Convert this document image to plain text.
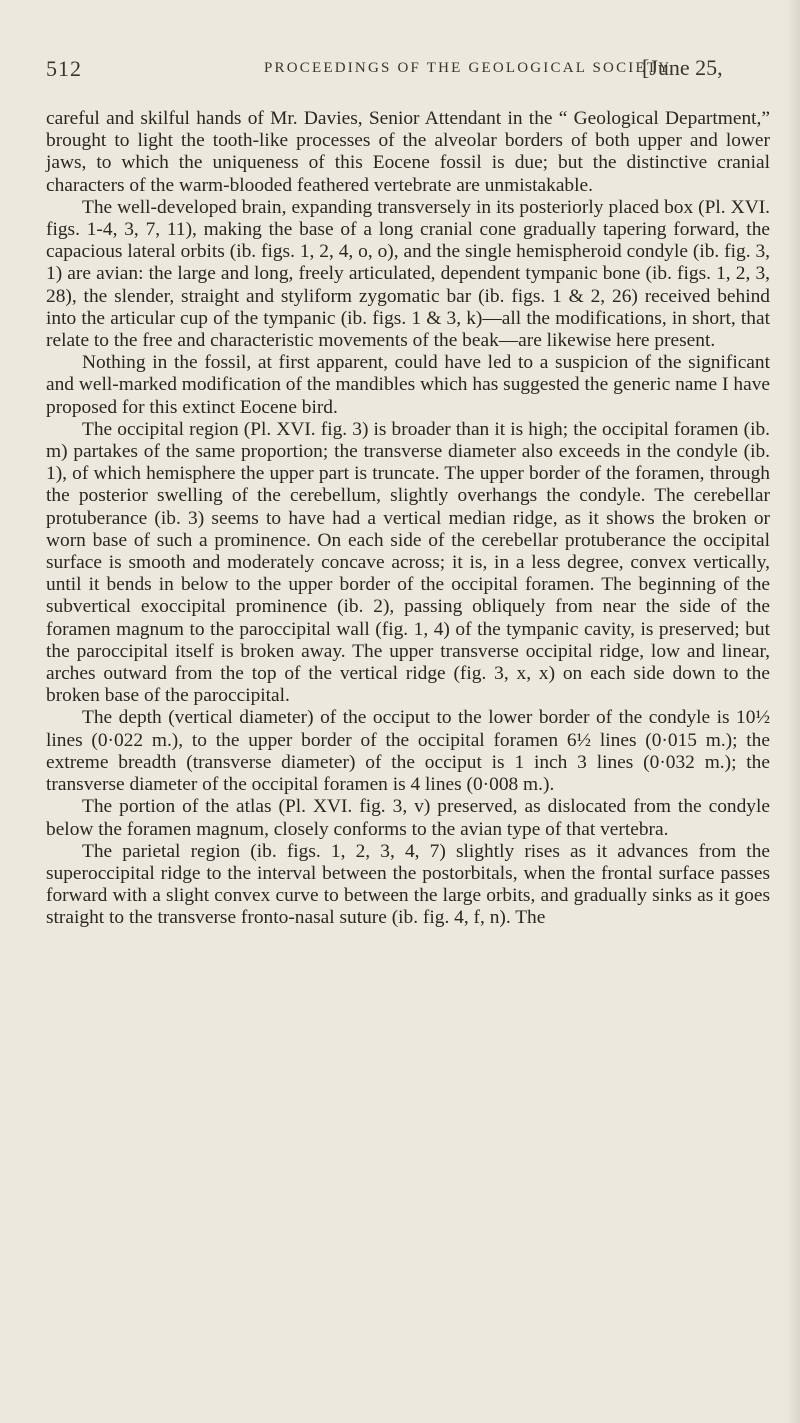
512	PROCEEDINGS OF THE GEOLOGICAL SOCIETY.
[June 25,

careful and skilful hands of Mr. Davies, Senior Attendant in the “ Geological Department,” brought to light the tooth-like processes of the alveolar borders of both upper and lower jaws, to which the uniqueness of this Eocene fossil is due; but the distinctive cranial characters of the warm-blooded feathered vertebrate are unmistakable.

The well-developed brain, expanding transversely in its posteriorly placed box (Pl. XVI. figs. 1-4, 3, 7, 11), making the base of a long cranial cone gradually tapering forward, the capacious lateral orbits (ib. figs. 1, 2, 4, o, o), and the single hemispheroid condyle (ib. fig. 3, 1) are avian: the large and long, freely articulated, dependent tympanic bone (ib. figs. 1, 2, 3, 28), the slender, straight and styliform zygomatic bar (ib. figs. 1 & 2, 26) received behind into the articular cup of the tympanic (ib. figs. 1 & 3, k)—all the modifications, in short, that relate to the free and characteristic movements of the beak—are likewise here present.

Nothing in the fossil, at first apparent, could have led to a suspicion of the significant and well-marked modification of the mandibles which has suggested the generic name I have proposed for this extinct Eocene bird.

The occipital region (Pl. XVI. fig. 3) is broader than it is high; the occipital foramen (ib. m) partakes of the same proportion; the transverse diameter also exceeds in the condyle (ib. 1), of which hemisphere the upper part is truncate. The upper border of the foramen, through the posterior swelling of the cerebellum, slightly overhangs the condyle. The cerebellar protuberance (ib. 3) seems to have had a vertical median ridge, as it shows the broken or worn base of such a prominence. On each side of the cerebellar protuberance the occipital surface is smooth and moderately concave across; it is, in a less degree, convex vertically, until it bends in below to the upper border of the occipital foramen. The beginning of the subvertical exoccipital prominence (ib. 2), passing obliquely from near the side of the foramen magnum to the paroccipital wall (fig. 1, 4) of the tympanic cavity, is preserved; but the paroccipital itself is broken away. The upper transverse occipital ridge, low and linear, arches outward from the top of the vertical ridge (fig. 3, x, x) on each side down to the broken base of the paroccipital.

The depth (vertical diameter) of the occiput to the lower border of the condyle is 10½ lines (0·022 m.), to the upper border of the occipital foramen 6½ lines (0·015 m.); the extreme breadth (transverse diameter) of the occiput is 1 inch 3 lines (0·032 m.); the transverse diameter of the occipital foramen is 4 lines (0·008 m.).

The portion of the atlas (Pl. XVI. fig. 3, v) preserved, as dislocated from the condyle below the foramen magnum, closely conforms to the avian type of that vertebra.

The parietal region (ib. figs. 1, 2, 3, 4, 7) slightly rises as it advances from the superoccipital ridge to the interval between the postorbitals, when the frontal surface passes forward with a slight convex curve to between the large orbits, and gradually sinks as it goes straight to the transverse fronto-nasal suture (ib. fig. 4, f, n). The
